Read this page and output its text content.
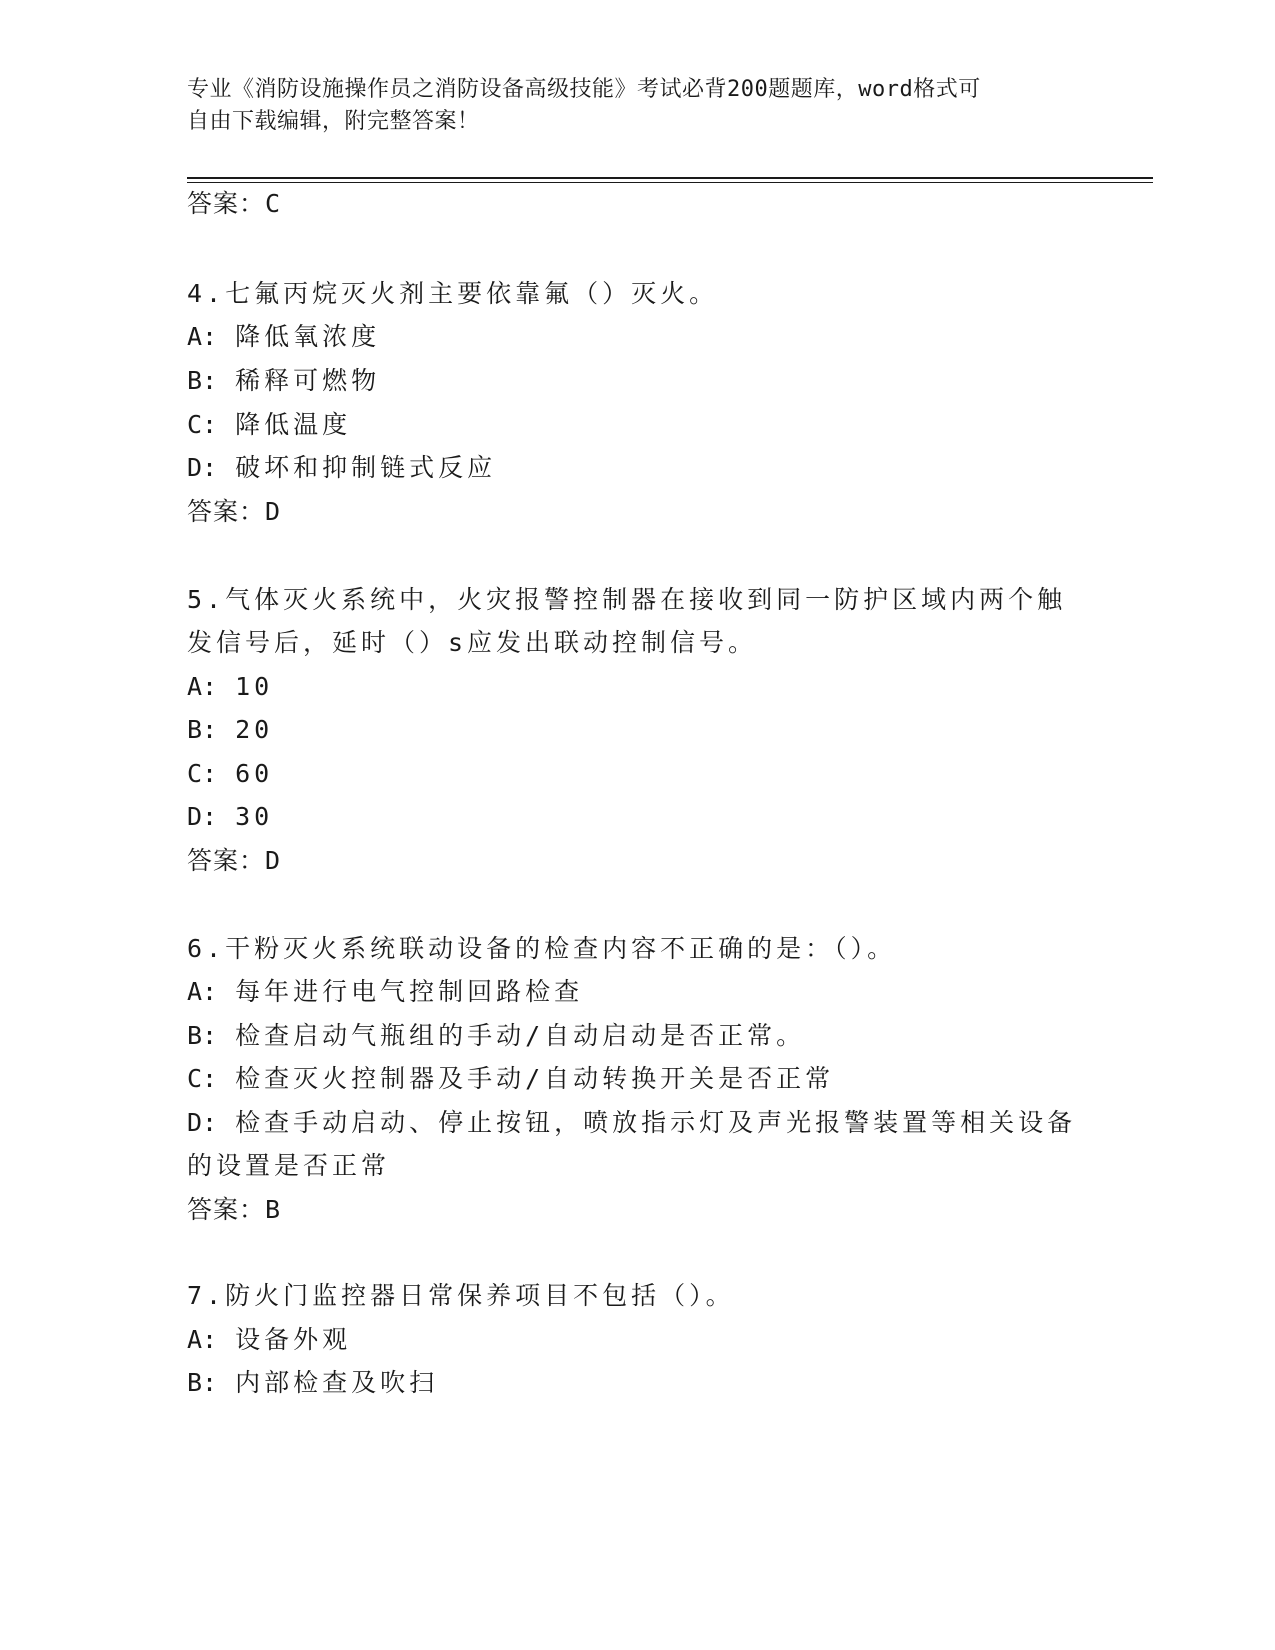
专业《消防设施操作员之消防设备高级技能》考试必背200题题库，word格式可
自由下载编辑，附完整答案！
答案：C
4.七氟丙烷灭火剂主要依靠氟（）灭火。
A: 降低氧浓度
B: 稀释可燃物
C: 降低温度
D: 破坏和抑制链式反应
答案：D
5.气体灭火系统中，火灾报警控制器在接收到同一防护区域内两个触
发信号后，延时（）s应发出联动控制信号。
A: 10
B: 20
C: 60
D: 30
答案：D
6.干粉灭火系统联动设备的检查内容不正确的是：（）。
A: 每年进行电气控制回路检查
B: 检查启动气瓶组的手动/自动启动是否正常。
C: 检查灭火控制器及手动/自动转换开关是否正常
D: 检查手动启动、停止按钮，喷放指示灯及声光报警装置等相关设备
的设置是否正常
答案：B
7.防火门监控器日常保养项目不包括（）。
A: 设备外观
B: 内部检查及吹扫
